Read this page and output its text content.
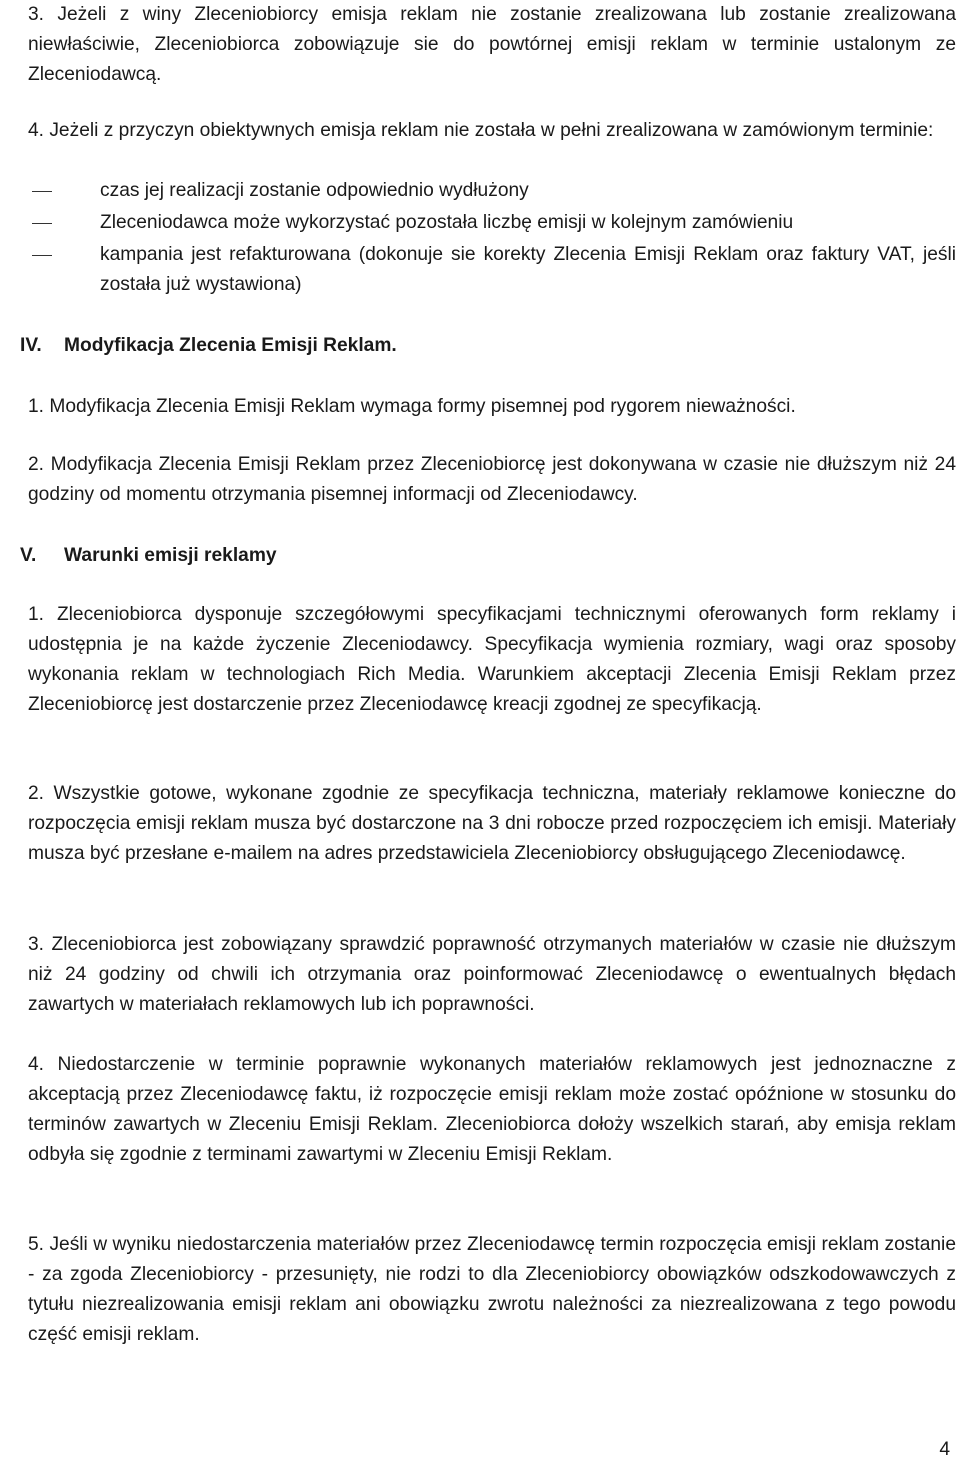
3. Jeżeli z winy Zleceniobiorcy emisja reklam nie zostanie zrealizowana lub zostanie zrealizowana niewłaściwie, Zleceniobiorca zobowiązuje sie do powtórnej emisji reklam w terminie ustalonym ze Zleceniodawcą.
4. Jeżeli z przyczyn obiektywnych emisja reklam nie została w pełni zrealizowana w zamówionym terminie:
czas jej realizacji zostanie odpowiednio wydłużony
Zleceniodawca może wykorzystać pozostała liczbę emisji w kolejnym zamówieniu
kampania jest refakturowana (dokonuje sie korekty Zlecenia Emisji Reklam oraz faktury VAT, jeśli została już wystawiona)
IV. Modyfikacja Zlecenia Emisji Reklam.
1. Modyfikacja Zlecenia Emisji Reklam wymaga formy pisemnej pod rygorem nieważności.
2. Modyfikacja Zlecenia Emisji Reklam przez Zleceniobiorcę jest dokonywana w czasie nie dłuższym niż 24 godziny od momentu otrzymania pisemnej informacji od Zleceniodawcy.
V. Warunki emisji reklamy
1. Zleceniobiorca dysponuje szczegółowymi specyfikacjami technicznymi oferowanych form reklamy i udostępnia je na każde życzenie Zleceniodawcy. Specyfikacja wymienia rozmiary, wagi oraz sposoby wykonania reklam w technologiach Rich Media. Warunkiem akceptacji Zlecenia Emisji Reklam przez Zleceniobiorcę jest dostarczenie przez Zleceniodawcę kreacji zgodnej ze specyfikacją.
2. Wszystkie gotowe, wykonane zgodnie ze specyfikacja techniczna, materiały reklamowe konieczne do rozpoczęcia emisji reklam musza być dostarczone na 3 dni robocze przed rozpoczęciem ich emisji. Materiały musza być przesłane e-mailem na adres przedstawiciela Zleceniobiorcy obsługującego Zleceniodawcę.
3. Zleceniobiorca jest zobowiązany sprawdzić poprawność otrzymanych materiałów w czasie nie dłuższym niż 24 godziny od chwili ich otrzymania oraz poinformować Zleceniodawcę o ewentualnych błędach zawartych w materiałach reklamowych lub ich poprawności.
4. Niedostarczenie w terminie poprawnie wykonanych materiałów reklamowych jest jednoznaczne z akceptacją przez Zleceniodawcę faktu, iż rozpoczęcie emisji reklam może zostać opóźnione w stosunku do terminów zawartych w Zleceniu Emisji Reklam. Zleceniobiorca dołoży wszelkich starań, aby emisja reklam odbyła się zgodnie z terminami zawartymi w Zleceniu Emisji Reklam.
5. Jeśli w wyniku niedostarczenia materiałów przez Zleceniodawcę termin rozpoczęcia emisji reklam zostanie - za zgoda Zleceniobiorcy - przesunięty, nie rodzi to dla Zleceniobiorcy obowiązków odszkodowawczych z tytułu niezrealizowania emisji reklam ani obowiązku zwrotu należności za niezrealizowana z tego powodu część emisji reklam.
4
